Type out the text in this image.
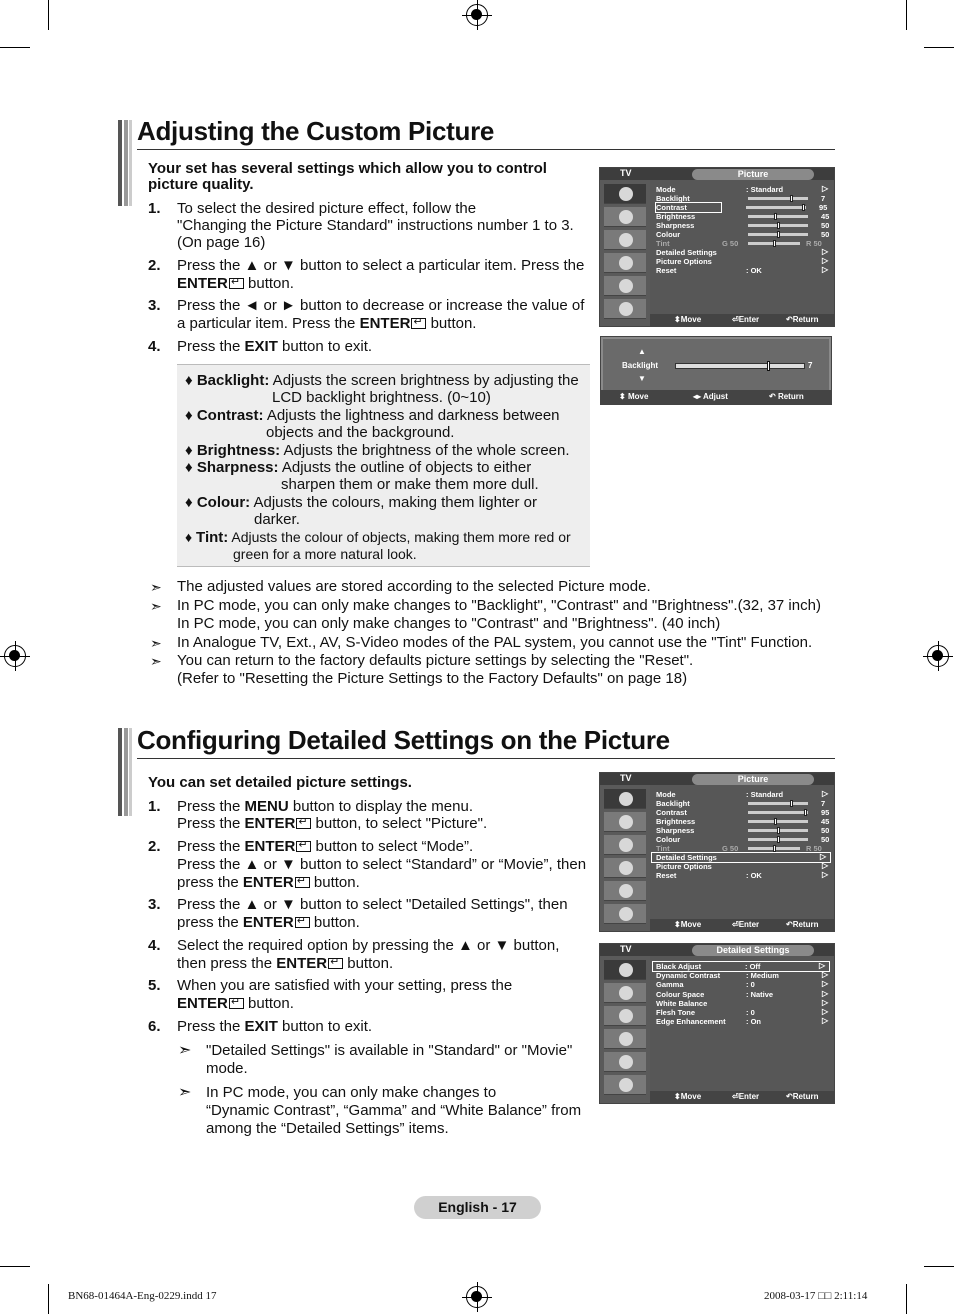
Adjusting the Custom Picture
Your set has several settings which allow you to control picture quality.
1. To select the desired picture effect, follow the
"Changing the Picture Standard" instructions number 1 to 3.
(On page 16)
2. Press the ▲ or ▼ button to select a particular item. Press the
ENTER↵ button.
3. Press the ◄ or ► button to decrease or increase the value of
a particular item. Press the ENTER↵ button.
4. Press the EXIT button to exit.
♦ Backlight: Adjusts the screen brightness by adjusting the
LCD backlight brightness. (0~10)
♦ Contrast: Adjusts the lightness and darkness between
objects and the background.
♦ Brightness: Adjusts the brightness of the whole screen.
♦ Sharpness: Adjusts the outline of objects to either
sharpen them or make them more dull.
♦ Colour: Adjusts the colours, making them lighter or
darker.
♦ Tint: Adjusts the colour of objects, making them more red or
green for a more natural look.
➣ The adjusted values are stored according to the selected Picture mode.
➣ In PC mode, you can only make changes to "Backlight", "Contrast" and "Brightness".(32, 37 inch)
In PC mode, you can only make changes to "Contrast" and "Brightness". (40 inch)
➣ In Analogue TV, Ext., AV, S-Video modes of the PAL system, you cannot use the "Tint" Function.
➣ You can return to the factory defaults picture settings by selecting the "Reset".
(Refer to "Resetting the Picture Settings to the Factory Defaults" on page 18)
TV	Picture
Mode	: Standard	▷
Backlight	7
Contrast	95
Brightness	45
Sharpness	50
Colour	50
Tint	G 50	R 50
Detailed Settings	▷
Picture Options	▷
Reset	: OK	▷
⬍ Move	⏎ Enter	↶ Return
▲
Backlight
▼
7
⬍ Move	◂▸ Adjust	↶ Return
Configuring Detailed Settings on the Picture
You can set detailed picture settings.
1. Press the MENU button to display the menu.
Press the ENTER↵ button, to select "Picture".
2. Press the ENTER↵ button to select “Mode”.
Press the ▲ or ▼ button to select “Standard” or “Movie”, then
press the ENTER↵ button.
3. Press the ▲ or ▼ button to select "Detailed Settings", then
press the ENTER↵ button.
4. Select the required option by pressing the ▲ or ▼ button,
then press the ENTER↵ button.
5. When you are satisfied with your setting, press the
ENTER↵ button.
6. Press the EXIT button to exit.
➣ "Detailed Settings" is available in "Standard" or "Movie"
mode.
➣ In PC mode, you can only make changes to
“Dynamic Contrast”, “Gamma” and “White Balance” from
among the “Detailed Settings” items.
TV	Picture
Mode	: Standard	▷
Backlight	7
Contrast	95
Brightness	45
Sharpness	50
Colour	50
Tint	G 50	R 50
Detailed Settings	▷
Picture Options	▷
Reset	: OK	▷
⬍ Move	⏎ Enter	↶ Return
TV	Detailed Settings
Black Adjust	: Off	▷
Dynamic Contrast	: Medium	▷
Gamma	: 0	▷
Colour Space	: Native	▷
White Balance	▷
Flesh Tone	: 0	▷
Edge Enhancement	: On	▷
⬍ Move	⏎ Enter	↶ Return
English - 17
BN68-01464A-Eng-0229.indd 17	2008-03-17 □□ 2:11:14
